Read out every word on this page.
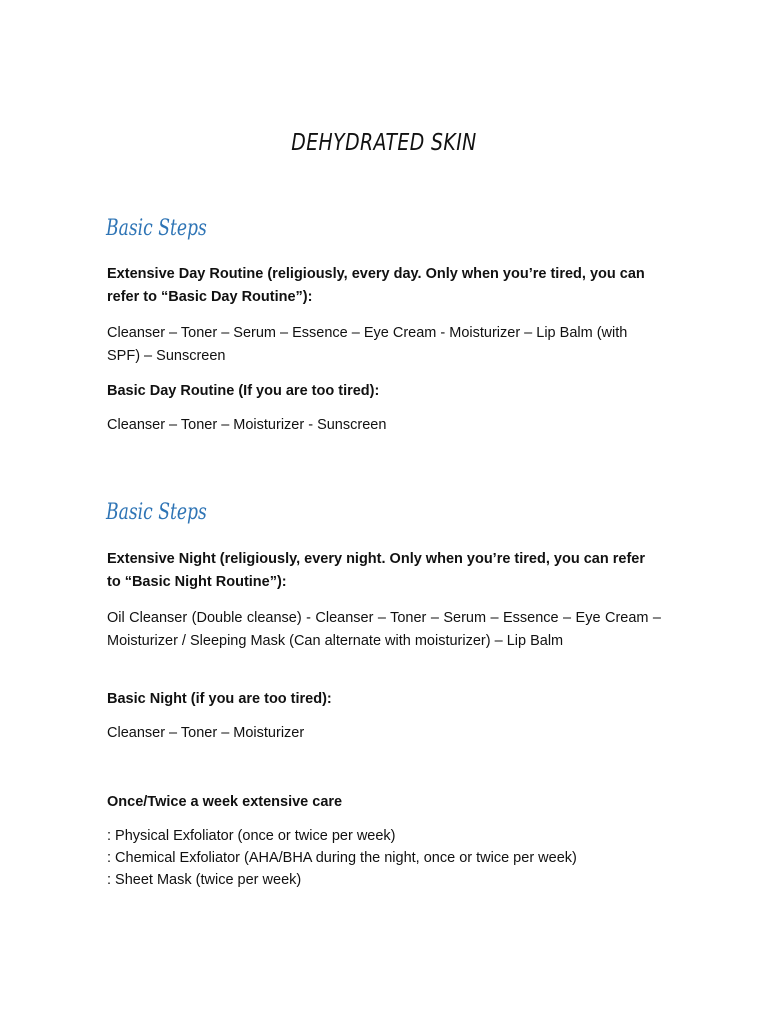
DEHYDRATED SKIN
Basic Steps

Extensive Day Routine (religiously, every day. Only when you’re tired, you can refer to “Basic Day Routine”):

Cleanser – Toner – Serum – Essence – Eye Cream - Moisturizer – Lip Balm (with SPF) – Sunscreen

Basic Day Routine (If you are too tired):

Cleanser – Toner – Moisturizer - Sunscreen

Basic Steps

Extensive Night (religiously, every night. Only when you’re tired, you can refer to “Basic Night Routine”):

Oil Cleanser (Double cleanse) - Cleanser – Toner – Serum – Essence – Eye Cream – Moisturizer / Sleeping Mask (Can alternate with moisturizer) – Lip Balm

Basic Night (if you are too tired):

Cleanser – Toner – Moisturizer

Once/Twice a week extensive care

: Physical Exfoliator (once or twice per week)
: Chemical Exfoliator (AHA/BHA during the night, once or twice per week)
: Sheet Mask (twice per week)
